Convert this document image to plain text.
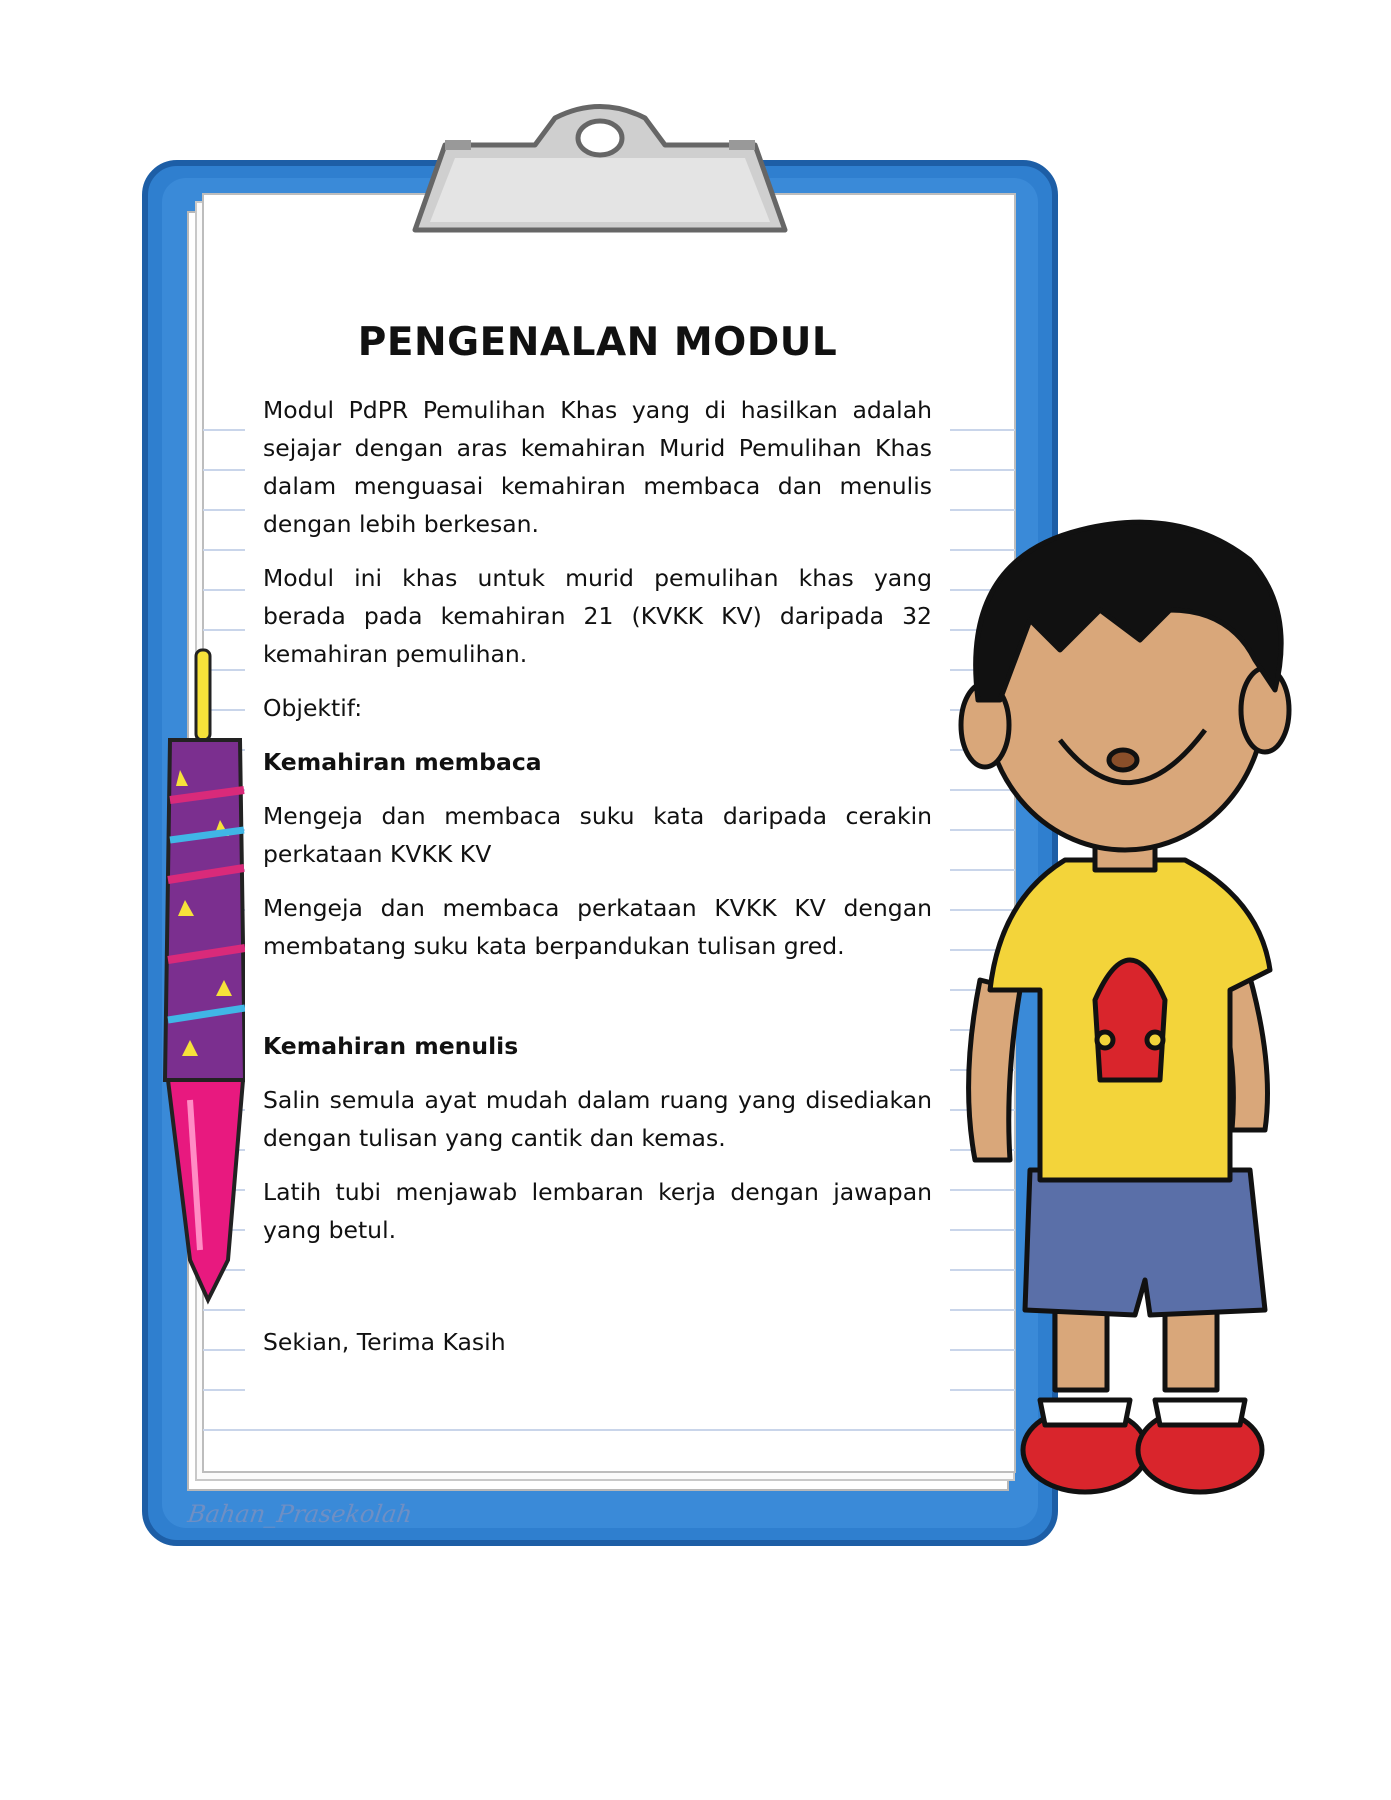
PENGENALAN MODUL

Modul PdPR Pemulihan Khas yang di hasilkan adalah sejajar dengan aras kemahiran Murid Pemulihan Khas dalam menguasai kemahiran membaca dan menulis dengan lebih berkesan.

Modul ini khas untuk murid pemulihan khas yang berada pada kemahiran 21 (KVKK KV) daripada 32 kemahiran pemulihan.

Objektif:

Kemahiran membaca

Mengeja dan membaca suku kata daripada cerakin perkataan KVKK KV

Mengeja dan membaca perkataan KVKK KV dengan membatang suku kata berpandukan tulisan gred.

Kemahiran menulis

Salin semula ayat mudah dalam ruang yang disediakan dengan tulisan yang cantik dan kemas.

Latih tubi menjawab lembaran kerja dengan jawapan yang betul.

Sekian, Terima Kasih

Bahan_Prasekolah
